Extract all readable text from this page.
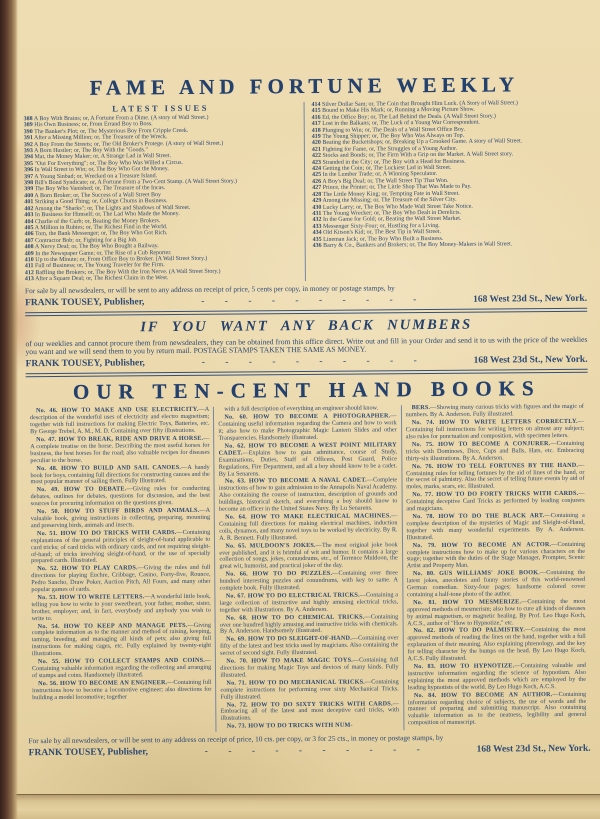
FAME AND FORTUNE WEEKLY
LATEST ISSUES
388 A Boy With Brains; or, A Fortune From a Dime. (A story of Wall Street.)
389 His Own Business; or, From Errand Boy to Boss.
390 The Banker's Plot; or, The Mysterious Boy From Cripple Creek.
391 After a Missing Million; or, The Treasure of the Wreck.
392 A Boy From the Streets; or, The Old Broker's Protege. (A story of Wall Street.)
393 A Born Hustler; or, The Boy With the "Goods."
394 Mat, the Money Maker; or, A Strange Lad in Wall Street.
395 "Out For Everything"; or, The Boy Who Was Willed a Circus.
396 In Wall Street to Win; or, The Boy Who Got the Money.
397 A Young Sinbad; or, Wrecked on a Treasure Island.
398 Bill's Bond Syndicate; or, A Fortune From a Two-Cent Stamp. (A Wall Street Story.)
399 The Boy Who Vanished; or, The Treasure of the Incas.
400 A Born Broker; or, The Success of a Wall Street Boy
401 Striking a Good Thing; or, College Chums in Business.
402 Among the "Sharks"; or, The Lights and Shadows of Wall Street.
403 In Business for Himself; or, The Lad Who Made the Money.
404 Charlie of the Curb; or, Beating the Money Brokers.
405 A Million in Rubies; or, The Richest Find in the World.
406 Tom, the Bank Messenger; or, The Boy Who Got Rich.
407 Contractor Bob; or, Fighting for a Big Job.
408 A Nervy Deal; or, The Boy Who Bought a Railway.
409 In the Newspaper Game; or, The Rise of a Cub Reporter.
410 Up to the Minute; or, From Office Boy to Broker. (A Wall Street Story.)
411 Full of Business; or, The Young Traveler for the Firm.
412 Baffling the Brokers; or, The Boy With the Iron Nerve. (A Wall Street Story.)
413 After a Square Deal; or, The Richest Claim in the West.
414 Silver Dollar Sam; or, The Coin that Brought Him Luck. (A Story of Wall Street.)
415 Bound to Make His Mark; or, Running a Moving Picture Show.
416 Ed, the Office Boy; or, The Lad Behind the Deals. (A Wall Street Story.)
417 Lost in the Balkans; or, The Luck of a Young War Correspondent.
418 Plunging to Win; or, The Deals of a Wall Street Office Boy.
419 The Young Shipper; or, The Boy Who Was Always on Top.
420 Beating the Bucketshops; or, Breaking Up a Crooked Game. A story of Wall Street.
421 Fighting for Fame, or, The Struggles of a Young Author.
422 Stocks and Bonds; or, The Firm With a Grip on the Market. A Wall Street story.
423 Stranded in the City; or, The Boy with a Head for Business.
424 Getting the Coin; or, The Luckiest Lad in Wall Street.
425 In the Lumber Trade; or, A Winning Speculator.
426 A Boy's Big Deal; or, The Wall Street Tip That Won.
427 Prince, the Printer; or, The Little Shop That Was Made to Pay.
428 The Little Money King; or, Tempting Fate in Wall Street.
429 Among the Missing; or, The Treasure of the Silver City.
430 Lucky Larry; or, The Boy Who Made Wall Street Take Notice.
431 The Young Wrecker; or, The Boy Who Dealt in Derelicts.
432 In the Game for Gold; or, Beating the Wall Street Market.
433 Messenger Sixty-Four; or, Hustling for a Living.
434 Old Kitson's Kid; or, The Best Tip in Wall Street.
435 Lineman Jack; or, The Boy Who Built a Business.
436 Barry & Co., Bankers and Brokers; or, The Boy Money-Makers in Wall Street.
For sale by all newsdealers, or will be sent to any address on receipt of price, 5 cents per copy, in money or postage stamps, by
FRANK TOUSEY, Publisher,	- - - - - - - - - -	168 West 23d St., New York.
IF YOU WANT ANY BACK NUMBERS
of our weeklies and cannot procure them from newsdealers, they can be obtained from this office direct. Write out and fill in your Order and send it to us with the price of the weeklies you want and we will send them to you by return mail. POSTAGE STAMPS TAKEN THE SAME AS MONEY.
FRANK TOUSEY, Publisher,	- - - - - - - - - -	168 West 23d St., New York.
OUR TEN-CENT HAND BOOKS

No. 46. HOW TO MAKE AND USE ELECTRICITY.—A description of the wonderful uses of electricity and electro magnetism; together with full instructions for making Electric Toys, Batteries, etc. By George Trebel, A. M., M. D. Containing over fifty illustrations.

No. 47. HOW TO BREAK, RIDE AND DRIVE A HORSE.—A complete treatise on the horse. Describing the most useful horses for business, the best horses for the road; also valuable recipes for diseases peculiar to the horse.

No. 48. HOW TO BUILD AND SAIL CANOES.—A handy book for boys, containing full directions for constructing canoes and the most popular manner of sailing them. Fully Illustrated.

No. 49. HOW TO DEBATE.—Giving rules for conducting debates, outlines for debates, questions for discussion, and the best sources for procuring information on the questions given.

No. 50. HOW TO STUFF BIRDS AND ANIMALS.—A valuable book, giving instructions in collecting, preparing, mounting and preserving birds, animals and insects.

No. 51. HOW TO DO TRICKS WITH CARDS.—Containing explanations of the general principles of sleight-of-hand applicable to card tricks; of card tricks with ordinary cards, and not requiring sleight-of-hand; of tricks involving sleight-of-hand, or the use of specially prepared cards. Illustrated.

No. 52. HOW TO PLAY CARDS.—Giving the rules and full directions for playing Euchre, Cribbage, Casino, Forty-five, Rounce, Pedro Sancho, Draw Poker, Auction Pitch, All Fours, and many other popular games of cards.

No. 53. HOW TO WRITE LETTERS.—A wonderful little book, telling you how to write to your sweetheart, your father, mother, sister, brother, employer; and, in fact, everybody and anybody you wish to write to.

No. 54. HOW TO KEEP AND MANAGE PETS.—Giving complete information as to the manner and method of raising, keeping, taming, breeding, and managing all kinds of pets; also giving full instructions for making cages, etc. Fully explained by twenty-eight illustrations.

No. 55. HOW TO COLLECT STAMPS AND COINS.—Containing valuable information regarding the collecting and arranging of stamps and coins. Handsomely illustrated.

No. 56. HOW TO BECOME AN ENGINEER.—Containing full instructions how to become a locomotive engineer; also directions for building a model locomotive; together

with a full description of everything an engineer should know.

No. 60. HOW TO BECOME A PHOTOGRAPHER.—Containing useful information regarding the Camera and how to work it; also how to make Photographic Magic Lantern Slides and other Transparencies. Handsomely illustrated.

No. 62. HOW TO BECOME A WEST POINT MILITARY CADET.—Explains how to gain admittance, course of Study, Examinations, Duties, Staff of Officers, Post Guard, Police Regulations, Fire Department, and all a boy should know to be a cadet. By Lu Senarens.

No. 63. HOW TO BECOME A NAVAL CADET.—Complete instructions of how to gain admission to the Annapolis Naval Academy. Also containing the course of instruction, description of grounds and buildings, historical sketch, and everything a boy should know to become an officer in the United States Navy. By Lu Senarens.

No. 64. HOW TO MAKE ELECTRICAL MACHINES.—Containing full directions for making electrical machines, induction coils, dynamos, and many novel toys to be worked by electricity. By R. A. R. Bennett. Fully illustrated.

No. 65. MULDOON'S JOKES.—The most original joke book ever published, and it is brimful of wit and humor. It contains a large collection of songs, jokes, conundrums, etc., of Terrence Muldoon, the great wit, humorist, and practical joker of the day.

No. 66. HOW TO DO PUZZLES.—Containing over three hundred interesting puzzles and conundrums, with key to same. A complete book. Fully illustrated.

No. 67. HOW TO DO ELECTRICAL TRICKS.—Containing a large collection of instructive and highly amusing electrical tricks, together with illustrations. By A. Anderson.

No. 68. HOW TO DO CHEMICAL TRICKS.—Containing over one hundred highly amusing and instructive tricks with chemicals. By A. Anderson. Handsomely illustrated.

No. 69. HOW TO DO SLEIGHT-OF-HAND.—Containing over fifty of the latest and best tricks used by magicians. Also containing the secret of second sight. Fully illustrated.

No. 70. HOW TO MAKE MAGIC TOYS.—Containing full directions for making Magic Toys and devices of many kinds. Fully illustrated.

No. 71. HOW TO DO MECHANICAL TRICKS.—Containing complete instructions for performing over sixty Mechanical Tricks. Fully illustrated.

No. 72. HOW TO DO SIXTY TRICKS WITH CARDS.—Embracing all of the latest and most deceptive card tricks, with illustrations.

No. 73. HOW TO DO TRICKS WITH NUM-

BERS.—Showing many curious tricks with figures and the magic of numbers. By A. Anderson. Fully illustrated.

No. 74. HOW TO WRITE LETTERS CORRECTLY.—Containing full instructions for writing letters on almost any subject; also rules for punctuation and composition, with specimen letters.

No. 75. HOW TO BECOME A CONJURER.—Containing tricks with Dominoes, Dice, Cups and Balls, Hats, etc. Embracing thirty-six illustrations. By A. Anderson.

No. 76. HOW TO TELL FORTUNES BY THE HAND.—Containing rules for telling fortunes by the aid of lines of the hand, or the secret of palmistry. Also the secret of telling future events by aid of moles, marks, scars, etc. Illustrated.

No. 77. HOW TO DO FORTY TRICKS WITH CARDS.—Containing deceptive Card Tricks as performed by leading conjurers and magicians.

No. 78. HOW TO DO THE BLACK ART.—Containing a complete description of the mysteries of Magic and Sleight-of-Hand, together with many wonderful experiments. By A. Anderson. Illustrated.

No. 79. HOW TO BECOME AN ACTOR.—Containing complete instructions how to make up for various characters on the stage; together with the duties of the Stage Manager, Prompter, Scenic Artist and Property Man.

No. 80. GUS WILLIAMS' JOKE BOOK.—Containing the latest jokes, anecdotes and funny stories of this world-renowned German comedian. Sixty-four pages; handsome colored cover containing a half-tone photo of the author.

No. 81. HOW TO MESMERIZE.—Containing the most approved methods of mesmerism; also how to cure all kinds of diseases by animal magnetism, or magnetic healing. By Prof. Leo Hugo Koch, A.C.S., author of "How to Hypnotize," etc.

No. 82. HOW TO DO PALMISTRY.—Containing the most approved methods of reading the lines on the hand, together with a full explanation of their meaning. Also explaining phrenology, and the key for telling character by the bumps on the head. By Leo Hugo Koch, A.C.S. Fully illustrated.

No. 83. HOW TO HYPNOTIZE.—Containing valuable and instructive information regarding the science of hypnotism. Also explaining the most approved methods which are employed by the leading hypnotists of the world. By Leo Hugo Koch, A.C.S.

No. 84. HOW TO BECOME AN AUTHOR.—Containing information regarding choice of subjects, the use of words and the manner of preparing and submitting manuscript. Also containing valuable information as to the neatness, legibility and general composition of manuscript.

For sale by all newsdealers, or will be sent to any address on receipt of price, 10 cts. per copy, or 3 for 25 cts., in money or postage stamps, by
FRANK TOUSEY, Publisher,	- - - - - - - - - -	168 West 23d St., New York.
